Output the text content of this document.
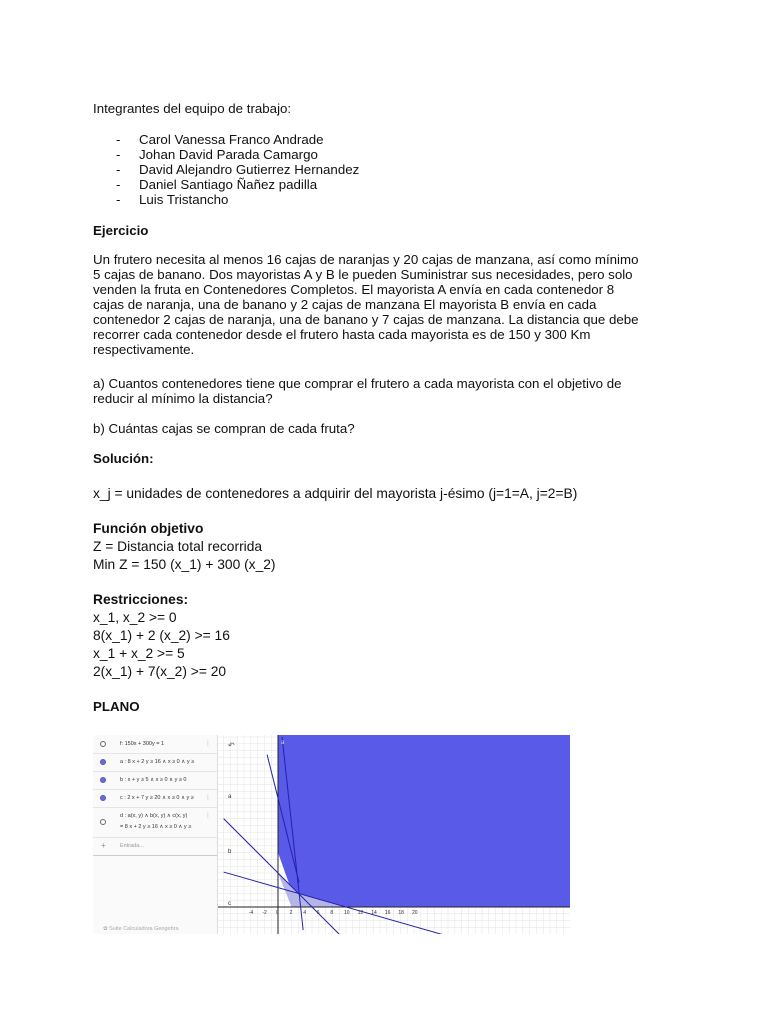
Integrantes del equipo de trabajo:
- Carol Vanessa Franco Andrade
- Johan David Parada Camargo
- David Alejandro Gutierrez Hernandez
- Daniel Santiago Ñañez padilla
- Luis Tristancho
Ejercicio
Un frutero necesita al menos 16 cajas de naranjas y 20 cajas de manzana, así como mínimo
5 cajas de banano. Dos mayoristas A y B le pueden Suministrar sus necesidades, pero solo
venden la fruta en Contenedores Completos. El mayorista A envía en cada contenedor 8
cajas de naranja, una de banano y 2 cajas de manzana El mayorista B envía en cada
contenedor 2 cajas de naranja, una de banano y 7 cajas de manzana. La distancia que debe
recorrer cada contenedor desde el frutero hasta cada mayorista es de 150 y 300 Km
respectivamente.
a) Cuantos contenedores tiene que comprar el frutero a cada mayorista con el objetivo de
reducir al mínimo la distancia?
b) Cuántas cajas se compran de cada fruta?
Solución:
x_j = unidades de contenedores a adquirir del mayorista j-ésimo (j=1=A, j=2=B)
Función objetivo
Z = Distancia total recorrida
Min Z = 150 (x_1) + 300 (x_2)
Restricciones:
x_1, x_2 >= 0
8(x_1) + 2 (x_2) >= 16
x_1 + x_2 >= 5
2(x_1) + 7(x_2) >= 20
PLANO
f: 150x + 300y = 1	⋮
a : 8 x + 2 y ≥ 16 ∧ x ≥ 0 ∧ y ≥
b : x + y ≥ 5 ∧ x ≥ 0 ∧ y ≥ 0
c : 2 x + 7 y ≥ 20 ∧ x ≥ 0 ∧ y ≥ ⋮
d : a(x, y) ∧ b(x, y) ∧ c(x, y)
= 8 x + 2 y ≥ 16 ∧ x ≥ 0 ∧ y ≥
⋮
+	Entrada...
✿ Suite Calculadora Geogebra
-4 -2 0 2 4 6 8 10 12 14 16 18 20
a
b
c
a
↶
